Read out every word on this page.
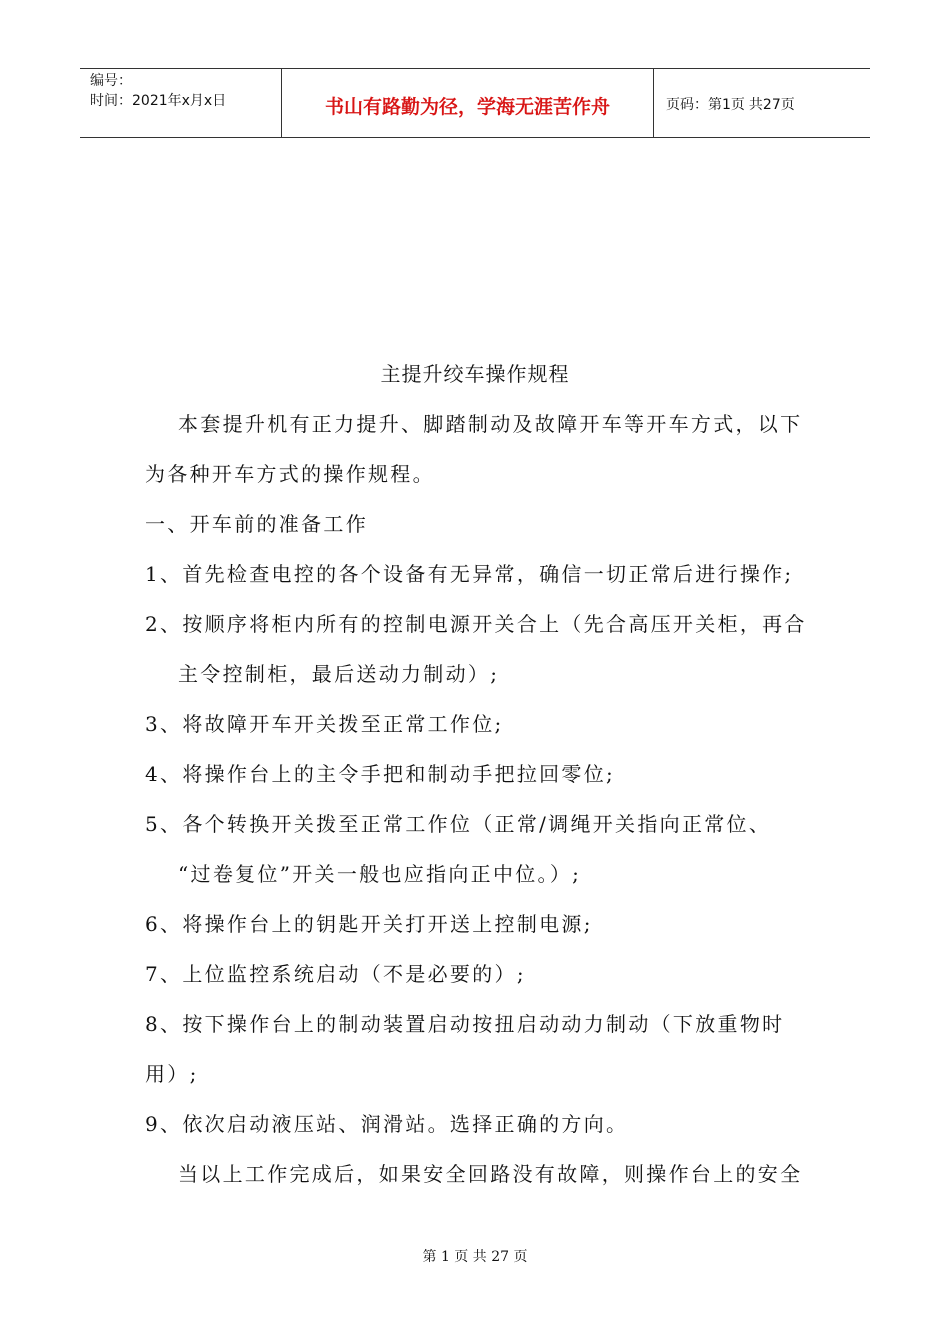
编号：
时间：2021年x月x日	书山有路勤为径，学海无涯苦作舟	页码：第1页 共27页
主提升绞车操作规程
本套提升机有正力提升、脚踏制动及故障开车等开车方式，以下
为各种开车方式的操作规程。
一、开车前的准备工作
1、首先检查电控的各个设备有无异常，确信一切正常后进行操作;
2、按顺序将柜内所有的控制电源开关合上（先合高压开关柜，再合
主令控制柜，最后送动力制动）;
3、将故障开车开关拨至正常工作位;
4、将操作台上的主令手把和制动手把拉回零位;
5、各个转换开关拨至正常工作位（正常/调绳开关指向正常位、
“过卷复位”开关一般也应指向正中位。）;
6、将操作台上的钥匙开关打开送上控制电源;
7、上位监控系统启动（不是必要的）;
8、按下操作台上的制动装置启动按扭启动动力制动（下放重物时
用）;
9、依次启动液压站、润滑站。选择正确的方向。
当以上工作完成后，如果安全回路没有故障，则操作台上的安全
第 1 页 共 27 页
